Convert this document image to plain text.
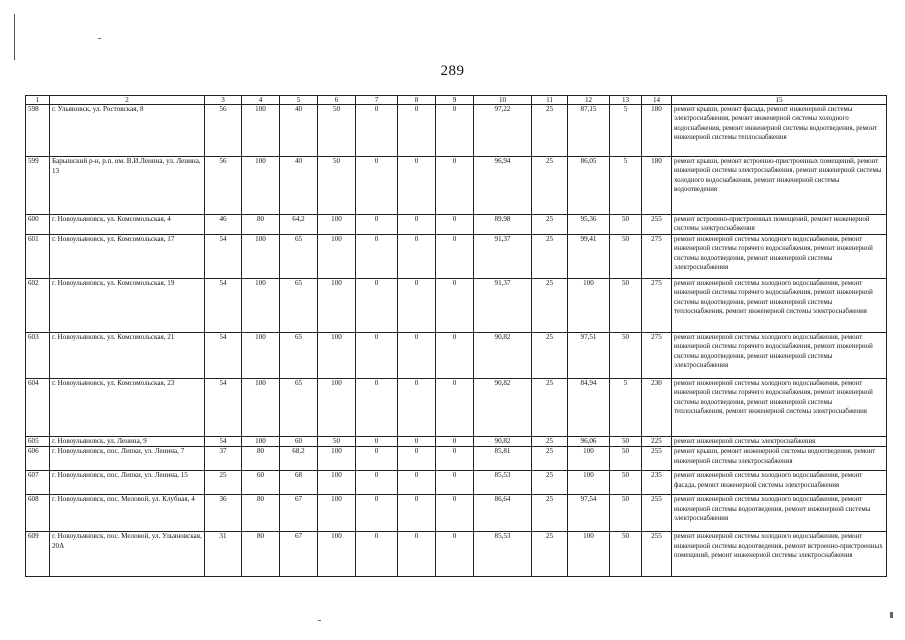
289
1	2	3	4	5	6	7	8	9	10	11	12	13	14	15
598	г. Ульяновск, ул. Ростовская, 8	56	100	40	50	0	0	0	97,22	25	87,15	5	180	ремонт крыши, ремонт фасада, ремонт инженерной системы электроснабжения, ремонт инженерной системы холодного водоснабжения, ремонт инженерной системы водоотведения, ремонт инженерной системы теплоснабжения
599	Барышский р-н, р.п. им. В.И.Ленина, ул. Ленина, 13	56	100	40	50	0	0	0	96,94	25	86,05	5	180	ремонт крыши, ремонт встроенно-пристроенных помещений, ремонт инженерной системы электроснабжения, ремонт инженерной системы холодного водоснабжения, ремонт инженерной системы водоотведения
600	г. Новоульяновск, ул. Комсомольская, 4	46	80	64,2	100	0	0	0	89,98	25	95,36	50	255	ремонт встроенно-пристроенных помещений, ремонт инженерной системы электроснабжения
601	г. Новоульяновск, ул. Комсомольская, 17	54	100	65	100	0	0	0	91,37	25	99,41	50	275	ремонт инженерной системы холодного водоснабжения, ремонт инженерной системы горячего водоснабжения, ремонт инженерной системы водоотведения, ремонт инженерной системы электроснабжения
602	г. Новоульяновск, ул. Комсомольская, 19	54	100	65	100	0	0	0	91,37	25	100	50	275	ремонт инженерной системы холодного водоснабжения, ремонт инженерной системы горячего водоснабжения, ремонт инженерной системы водоотведения, ремонт инженерной системы теплоснабжения, ремонт инженерной системы электроснабжения
603	г. Новоульяновск, ул. Комсомольская, 21	54	100	65	100	0	0	0	90,82	25	97,51	50	275	ремонт инженерной системы холодного водоснабжения, ремонт инженерной системы горячего водоснабжения, ремонт инженерной системы водоотведения, ремонт инженерной системы электроснабжения
604	г. Новоульяновск, ул. Комсомольская, 23	54	100	65	100	0	0	0	90,82	25	84,94	5	230	ремонт инженерной системы холодного водоснабжения, ремонт инженерной системы горячего водоснабжения, ремонт инженерной системы водоотведения, ремонт инженерной системы теплоснабжения, ремонт инженерной системы электроснабжения
605	г. Новоульяновск, ул. Ленина, 9	54	100	60	50	0	0	0	90,82	25	96,06	50	225	ремонт инженерной системы электроснабжения
606	г. Новоульяновск, пос. Липки, ул. Ленина, 7	37	80	68,2	100	0	0	0	85,81	25	100	50	255	ремонт крыши, ремонт инженерной системы водоотведения, ремонт инженерной системы электроснабжения
607	г. Новоульяновск, пос. Липки, ул. Ленина, 15	25	60	68	100	0	0	0	85,53	25	100	50	235	ремонт инженерной системы холодного водоснабжения, ремонт фасада, ремонт инженерной системы электроснабжения
608	г. Новоульяновск, пос. Меловой, ул. Клубная, 4	36	80	67	100	0	0	0	86,64	25	97,54	50	255	ремонт инженерной системы холодного водоснабжения, ремонт инженерной системы водоотведения, ремонт инженерной системы электроснабжения
609	г. Новоульяновск, пос. Меловой, ул. Ульяновская, 20А	31	80	67	100	0	0	0	85,53	25	100	50	255	ремонт инженерной системы холодного водоснабжения, ремонт инженерной системы водоотведения, ремонт встроенно-пристроенных помещений, ремонт инженерной системы электроснабжения
